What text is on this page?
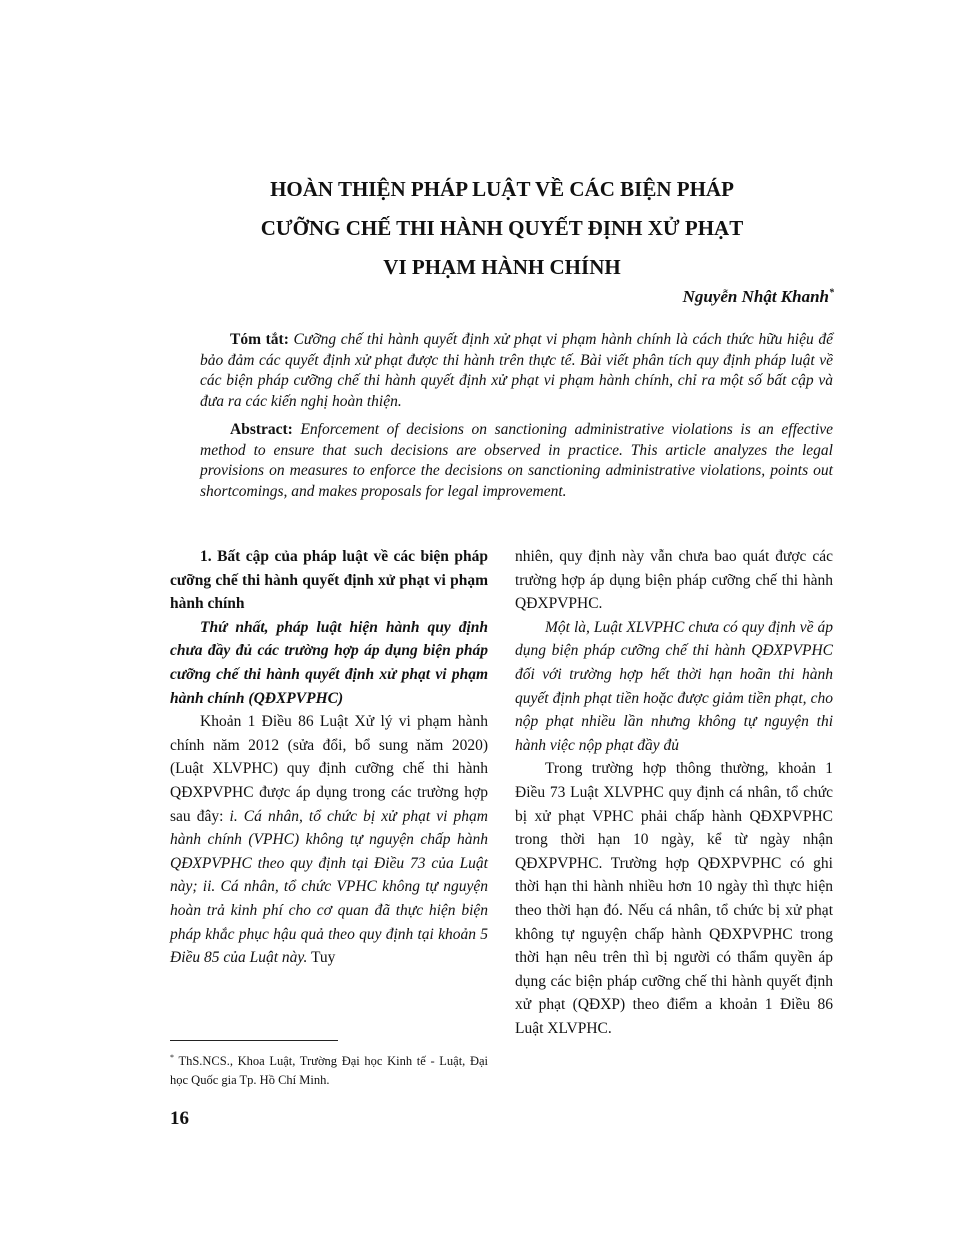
HOÀN THIỆN PHÁP LUẬT VỀ CÁC BIỆN PHÁP
CƯỠNG CHẾ THI HÀNH QUYẾT ĐỊNH XỬ PHẠT
VI PHẠM HÀNH CHÍNH
Nguyễn Nhật Khanh*
Tóm tắt: Cưỡng chế thi hành quyết định xử phạt vi phạm hành chính là cách thức hữu hiệu để bảo đảm các quyết định xử phạt được thi hành trên thực tế. Bài viết phân tích quy định pháp luật về các biện pháp cưỡng chế thi hành quyết định xử phạt vi phạm hành chính, chỉ ra một số bất cập và đưa ra các kiến nghị hoàn thiện.
Abstract: Enforcement of decisions on sanctioning administrative violations is an effective method to ensure that such decisions are observed in practice. This article analyzes the legal provisions on measures to enforce the decisions on sanctioning administrative violations, points out shortcomings, and makes proposals for legal improvement.

1. Bất cập của pháp luật về các biện pháp cưỡng chế thi hành quyết định xử phạt vi phạm hành chính

Thứ nhất, pháp luật hiện hành quy định chưa đầy đủ các trường hợp áp dụng biện pháp cưỡng chế thi hành quyết định xử phạt vi phạm hành chính (QĐXPVPHC)

Khoản 1 Điều 86 Luật Xử lý vi phạm hành chính năm 2012 (sửa đổi, bổ sung năm 2020) (Luật XLVPHC) quy định cưỡng chế thi hành QĐXPVPHC được áp dụng trong các trường hợp sau đây: i. Cá nhân, tổ chức bị xử phạt vi phạm hành chính (VPHC) không tự nguyện chấp hành QĐXPVPHC theo quy định tại Điều 73 của Luật này; ii. Cá nhân, tổ chức VPHC không tự nguyện hoàn trả kinh phí cho cơ quan đã thực hiện biện pháp khắc phục hậu quả theo quy định tại khoản 5 Điều 85 của Luật này. Tuy

nhiên, quy định này vẫn chưa bao quát được các trường hợp áp dụng biện pháp cưỡng chế thi hành QĐXPVPHC.

Một là, Luật XLVPHC chưa có quy định về áp dụng biện pháp cưỡng chế thi hành QĐXPVPHC đối với trường hợp hết thời hạn hoãn thi hành quyết định phạt tiền hoặc được giảm tiền phạt, cho nộp phạt nhiều lần nhưng không tự nguyện thi hành việc nộp phạt đầy đủ

Trong trường hợp thông thường, khoản 1 Điều 73 Luật XLVPHC quy định cá nhân, tổ chức bị xử phạt VPHC phải chấp hành QĐXPVPHC trong thời hạn 10 ngày, kể từ ngày nhận QĐXPVPHC. Trường hợp QĐXPVPHC có ghi thời hạn thi hành nhiều hơn 10 ngày thì thực hiện theo thời hạn đó. Nếu cá nhân, tổ chức bị xử phạt không tự nguyện chấp hành QĐXPVPHC trong thời hạn nêu trên thì bị người có thẩm quyền áp dụng các biện pháp cưỡng chế thi hành quyết định xử phạt (QĐXP) theo điểm a khoản 1 Điều 86 Luật XLVPHC.

* ThS.NCS., Khoa Luật, Trường Đại học Kinh tế - Luật, Đại học Quốc gia Tp. Hồ Chí Minh.
16
